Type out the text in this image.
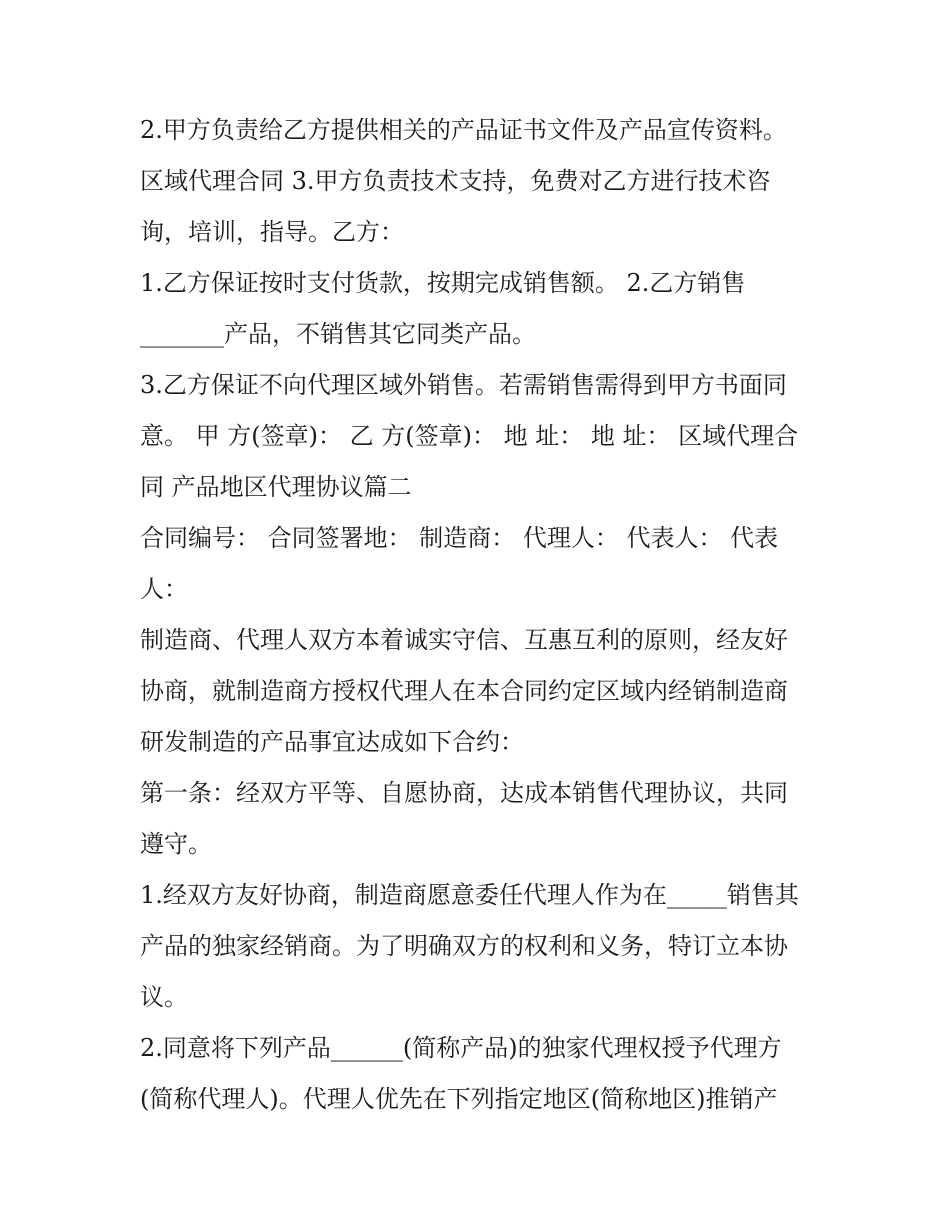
2.甲方负责给乙方提供相关的产品证书文件及产品宣传资料。
区域代理合同 3.甲方负责技术支持，免费对乙方进行技术咨
询，培训，指导。乙方：
1.乙方保证按时支付货款，按期完成销售额。 2.乙方销售
_______产品，不销售其它同类产品。
3.乙方保证不向代理区域外销售。若需销售需得到甲方书面同
意。 甲 方(签章)： 乙 方(签章)： 地 址： 地 址： 区域代理合
同 产品地区代理协议篇二
合同编号： 合同签署地： 制造商： 代理人： 代表人： 代表
人：
制造商、代理人双方本着诚实守信、互惠互利的原则，经友好
协商，就制造商方授权代理人在本合同约定区域内经销制造商
研发制造的产品事宜达成如下合约：
第一条：经双方平等、自愿协商，达成本销售代理协议，共同
遵守。
1.经双方友好协商，制造商愿意委任代理人作为在_____销售其
产品的独家经销商。为了明确双方的权利和义务，特订立本协
议。
2.同意将下列产品______(简称产品)的独家代理权授予代理方
(简称代理人)。代理人优先在下列指定地区(简称地区)推销产
